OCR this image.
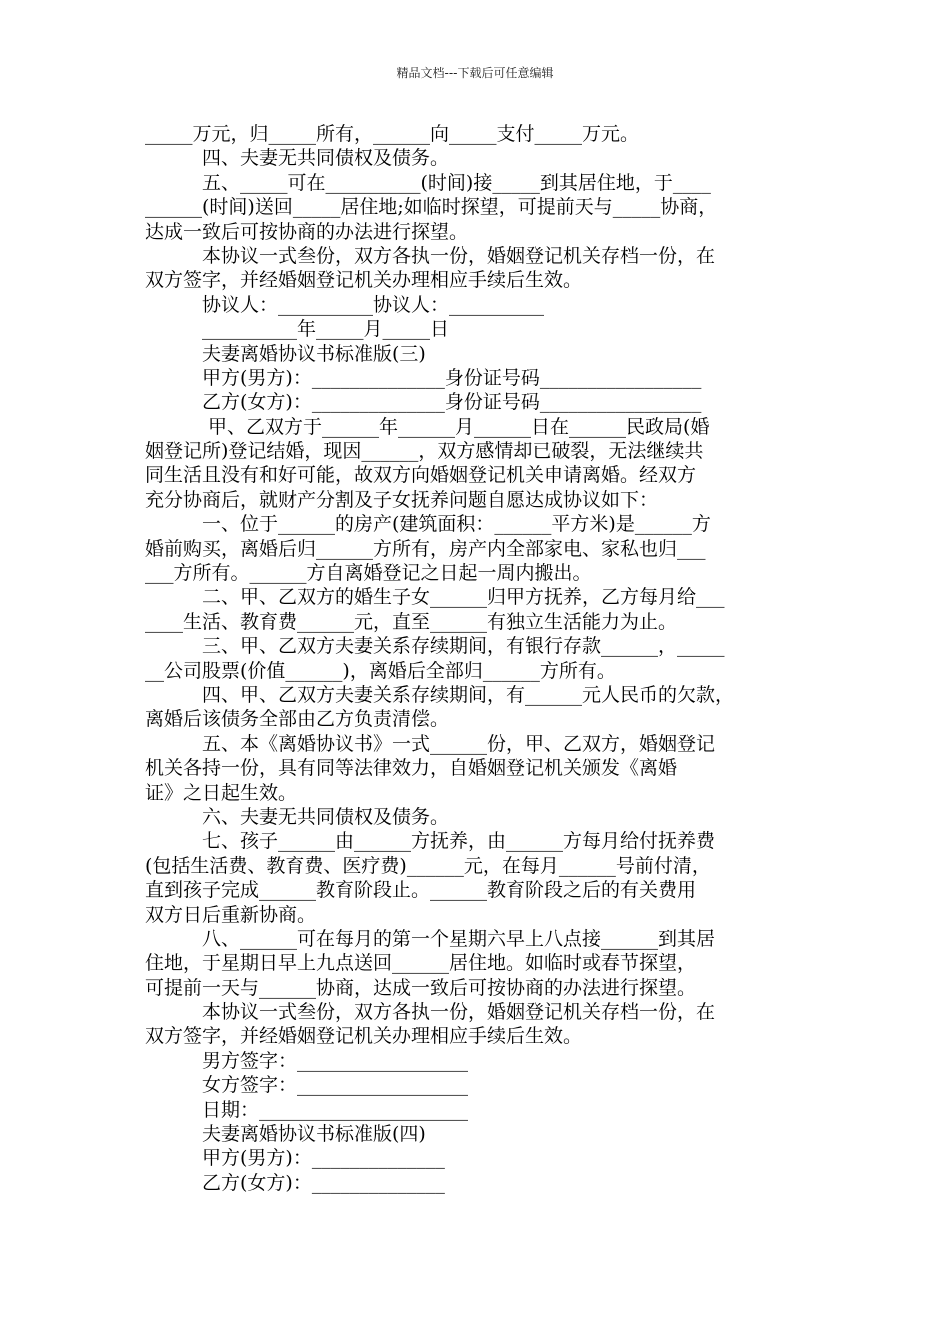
精品文档---下载后可任意编辑
_____万元，归_____所有，______向_____支付_____万元。
　　　四、夫妻无共同债权及债务。
　　　五、_____可在__________(时间)接_____到其居住地，于____
______(时间)送回_____居住地;如临时探望，可提前天与_____协商，
达成一致后可按协商的办法进行探望。
　　　本协议一式叁份，双方各执一份，婚姻登记机关存档一份，在
双方签字，并经婚姻登记机关办理相应手续后生效。
　　　协议人：__________协议人：__________
　　　__________年_____月_____日
　　　夫妻离婚协议书标准版(三)
　　　甲方(男方)：______________身份证号码_________________
　　　乙方(女方)：______________身份证号码_________________
　　　 甲、乙双方于______年______月______日在______民政局(婚
姻登记所)登记结婚，现因______，双方感情却已破裂，无法继续共
同生活且没有和好可能，故双方向婚姻登记机关申请离婚。经双方
充分协商后，就财产分割及子女抚养问题自愿达成协议如下：
　　　一、位于______的房产(建筑面积：______平方米)是______方
婚前购买，离婚后归______方所有，房产内全部家电、家私也归___
___方所有。______方自离婚登记之日起一周内搬出。
　　　二、甲、乙双方的婚生子女______归甲方抚养，乙方每月给___
____生活、教育费______元，直至______有独立生活能力为止。
　　　三、甲、乙双方夫妻关系存续期间，有银行存款______，_____
__公司股票(价值______)，离婚后全部归______方所有。
　　　四、甲、乙双方夫妻关系存续期间，有______元人民币的欠款，
离婚后该债务全部由乙方负责清偿。
　　　五、本《离婚协议书》一式______份，甲、乙双方，婚姻登记
机关各持一份，具有同等法律效力，自婚姻登记机关颁发《离婚
证》之日起生效。
　　　六、夫妻无共同债权及债务。
　　　七、孩子______由______方抚养，由______方每月给付抚养费
(包括生活费、教育费、医疗费)______元，在每月______号前付清，
直到孩子完成______教育阶段止。______教育阶段之后的有关费用
双方日后重新协商。
　　　八、______可在每月的第一个星期六早上八点接______到其居
住地，于星期日早上九点送回______居住地。如临时或春节探望，
可提前一天与______协商，达成一致后可按协商的办法进行探望。
　　　本协议一式叁份，双方各执一份，婚姻登记机关存档一份，在
双方签字，并经婚姻登记机关办理相应手续后生效。
　　　男方签字：__________________
　　　女方签字：__________________
　　　日期：______________________
　　　夫妻离婚协议书标准版(四)
　　　甲方(男方)：______________
　　　乙方(女方)：______________
